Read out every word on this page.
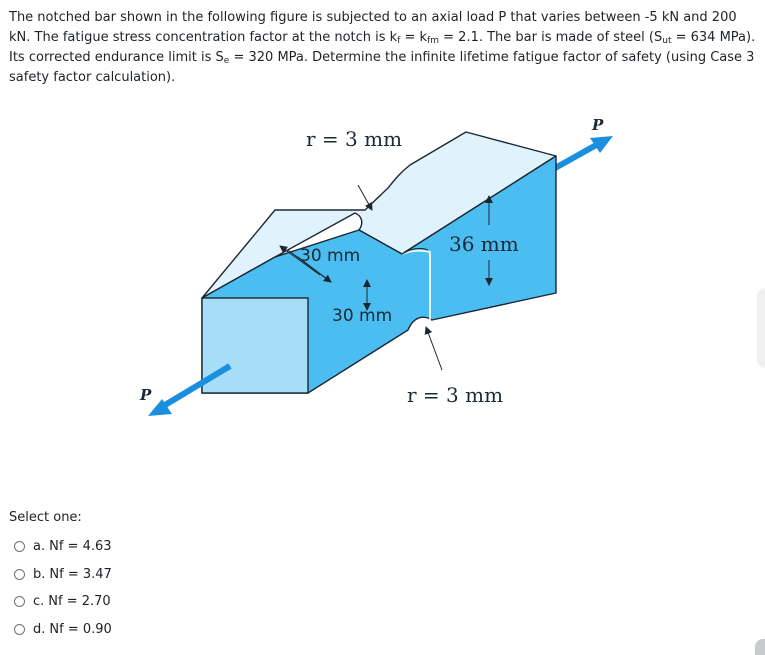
The notched bar shown in the following figure is subjected to an axial load P that varies between -5 kN and 200 kN. The fatigue stress concentration factor at the notch is $k_f = k_{fm} = 2.1$. The bar is made of steel ($S_{ut} = 634$ MPa). Its corrected endurance limit is $S_e = 320$ MPa. Determine the infinite lifetime fatigue factor of safety (using Case 3 safety factor calculation).
r = 3 mm
r = 3 mm
30 mm
30 mm
36 mm
P
P
Select one:
a. Nf = 4.63
b. Nf = 3.47
c. Nf = 2.70
d. Nf = 0.90
